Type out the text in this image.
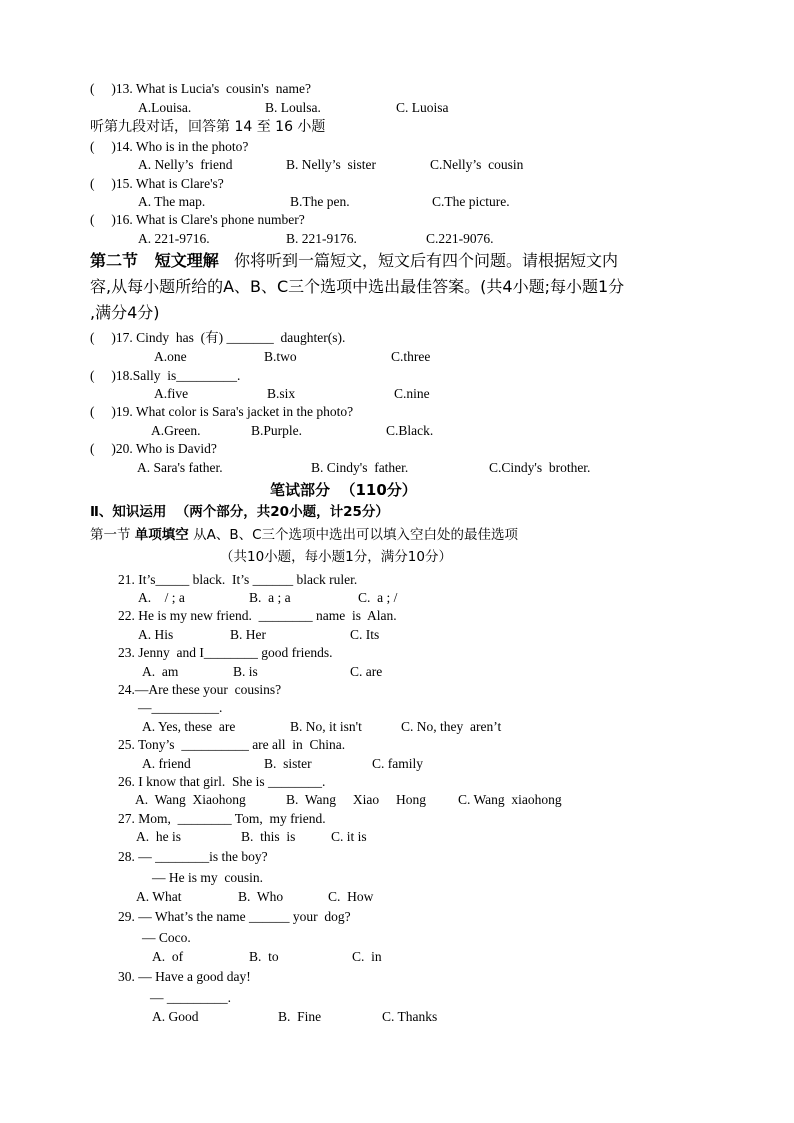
(     )13. What is Lucia's  cousin's  name?
A.Louisa.	B. Loulsa.	C. Luoisa
听第九段对话，回答第 14 至 16 小题
(     )14. Who is in the photo?
A. Nelly’s  friend	B. Nelly’s  sister	C.Nelly’s  cousin
(     )15. What is Clare's?
A. The map.	B.The pen.	C.The picture.
(     )16. What is Clare's phone number?
A. 221-9716.	B. 221-9176.	C.221-9076.
第二节   短文理解   你将听到一篇短文，短文后有四个问题。请根据短文内
容,从每小题所给的A、B、C三个选项中选出最佳答案。(共4小题;每小题1分
,满分4分)
(     )17. Cindy  has  (有) _______  daughter(s).
A.one	B.two	C.three
(     )18.Sally  is_________.
A.five	B.six	C.nine
(     )19. What color is Sara's jacket in the photo?
A.Green.	B.Purple.	C.Black.
(     )20. Who is David?
A. Sara's father.	B. Cindy's  father.	C.Cindy's  brother.
笔试部分  （110分）
Ⅱ、知识运用  （两个部分，共20小题，计25分）
第一节 单项填空 从A、B、C三个选项中选出可以填入空白处的最佳选项
（共10小题，每小题1分，满分10分）
21. It’s_____ black.  It’s ______ black ruler.
A.    / ; a	B.  a ; a	C.  a ; /
22. He is my new friend.  ________ name  is  Alan.
A. His	B. Her	C. Its
23. Jenny  and I________ good friends.
A.  am	B. is	C. are
24.—Are these your  cousins?
—__________.
A. Yes, these  are	B. No, it isn't	C. No, they  aren’t
25. Tony’s  __________ are all  in  China.
A. friend	B.  sister	C. family
26. I know that girl.  She is ________.
A.  Wang  Xiaohong	B.  Wang     Xiao     Hong C. Wang  xiaohong
27. Mom,  ________ Tom,  my friend.
A.  he is	B.  this  is	C. it is
28. — ________is the boy?
— He is my  cousin.
A. What	B.  Who	C.  How
29. — What’s the name ______ your  dog?
— Coco.
A.  of	B.  to	C.  in
30. — Have a good day!
— _________.
A. Good	B.  Fine	C. Thanks
